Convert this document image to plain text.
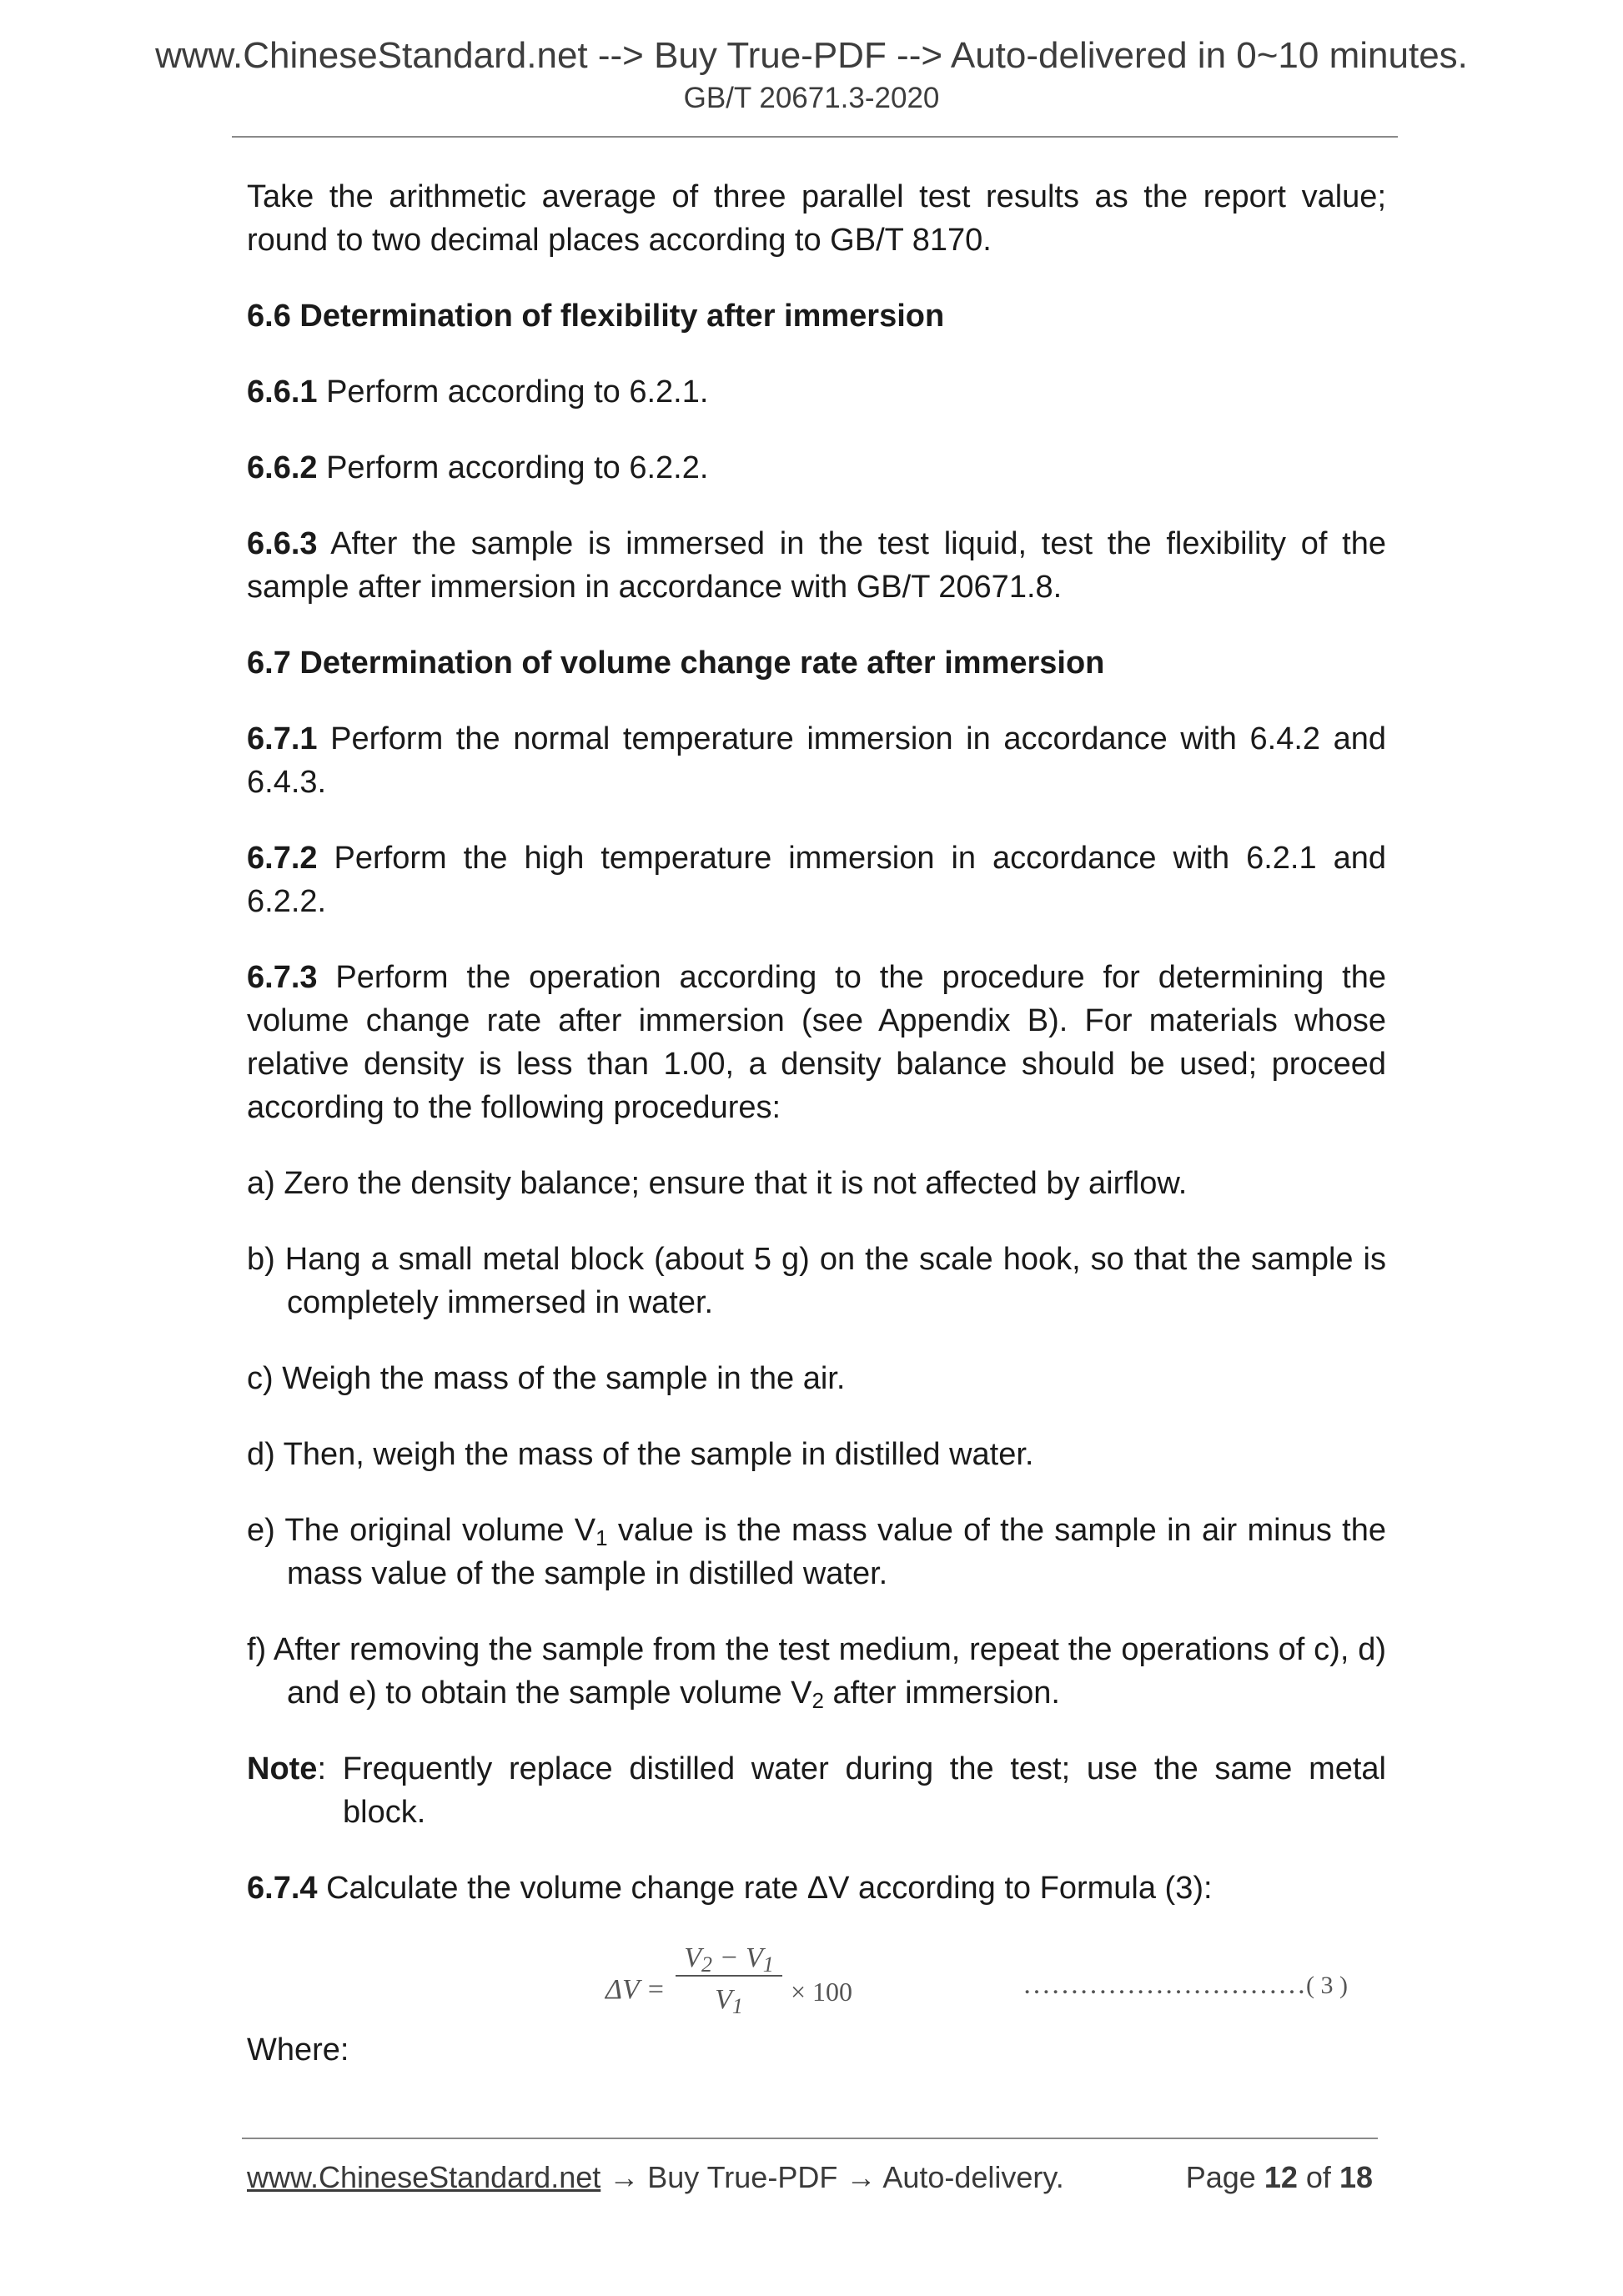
www.ChineseStandard.net --> Buy True-PDF --> Auto-delivered in 0~10 minutes.
GB/T 20671.3-2020

Take the arithmetic average of three parallel test results as the report value; round to two decimal places according to GB/T 8170.

6.6 Determination of flexibility after immersion

6.6.1 Perform according to 6.2.1.

6.6.2 Perform according to 6.2.2.

6.6.3 After the sample is immersed in the test liquid, test the flexibility of the sample after immersion in accordance with GB/T 20671.8.

6.7 Determination of volume change rate after immersion

6.7.1 Perform the normal temperature immersion in accordance with 6.4.2 and 6.4.3.

6.7.2 Perform the high temperature immersion in accordance with 6.2.1 and 6.2.2.

6.7.3 Perform the operation according to the procedure for determining the volume change rate after immersion (see Appendix B). For materials whose relative density is less than 1.00, a density balance should be used; proceed according to the following procedures:

a) Zero the density balance; ensure that it is not affected by airflow.

b) Hang a small metal block (about 5 g) on the scale hook, so that the sample is completely immersed in water.

c) Weigh the mass of the sample in the air.

d) Then, weigh the mass of the sample in distilled water.

e) The original volume $V_1$ value is the mass value of the sample in air minus the mass value of the sample in distilled water.

f) After removing the sample from the test medium, repeat the operations of c), d) and e) to obtain the sample volume $V_2$ after immersion.

Note: Frequently replace distilled water during the test; use the same metal block.

6.7.4 Calculate the volume change rate ΔV according to Formula (3):

ΔV =
$V_2 - V_1$
$V_1$	× 100	…………………………( 3 )

Where:

www.ChineseStandard.net → Buy True-PDF → Auto-delivery.	Page 12 of 18
